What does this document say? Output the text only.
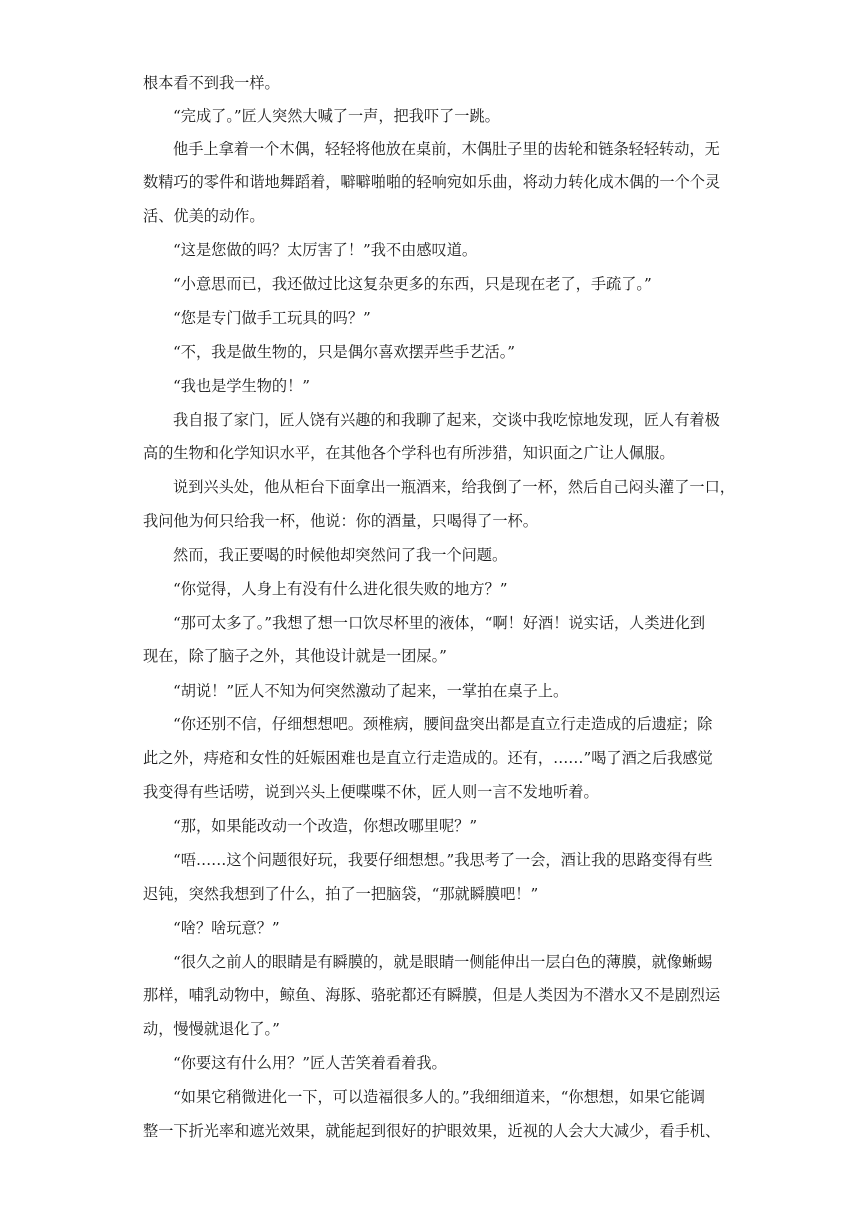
根本看不到我一样。
“完成了。”匠人突然大喊了一声，把我吓了一跳。
他手上拿着一个木偶，轻轻将他放在桌前，木偶肚子里的齿轮和链条轻轻转动，无
数精巧的零件和谐地舞蹈着，噼噼啪啪的轻响宛如乐曲，将动力转化成木偶的一个个灵
活、优美的动作。
“这是您做的吗？太厉害了！”我不由感叹道。
“小意思而已，我还做过比这复杂更多的东西，只是现在老了，手疏了。”
“您是专门做手工玩具的吗？”
“不，我是做生物的，只是偶尔喜欢摆弄些手艺活。”
“我也是学生物的！”
我自报了家门，匠人饶有兴趣的和我聊了起来，交谈中我吃惊地发现，匠人有着极
高的生物和化学知识水平，在其他各个学科也有所涉猎，知识面之广让人佩服。
说到兴头处，他从柜台下面拿出一瓶酒来，给我倒了一杯，然后自己闷头灌了一口，
我问他为何只给我一杯，他说：你的酒量，只喝得了一杯。
然而，我正要喝的时候他却突然问了我一个问题。
“你觉得，人身上有没有什么进化很失败的地方？”
“那可太多了。”我想了想一口饮尽杯里的液体，“啊！好酒！说实话，人类进化到
现在，除了脑子之外，其他设计就是一团屎。”
“胡说！”匠人不知为何突然激动了起来，一掌拍在桌子上。
“你还别不信，仔细想想吧。颈椎病，腰间盘突出都是直立行走造成的后遗症；除
此之外，痔疮和女性的妊娠困难也是直立行走造成的。还有，……”喝了酒之后我感觉
我变得有些话唠，说到兴头上便喋喋不休，匠人则一言不发地听着。
“那，如果能改动一个改造，你想改哪里呢？”
“唔……这个问题很好玩，我要仔细想想。”我思考了一会，酒让我的思路变得有些
迟钝，突然我想到了什么，拍了一把脑袋，“那就瞬膜吧！”
“啥？啥玩意？”
“很久之前人的眼睛是有瞬膜的，就是眼睛一侧能伸出一层白色的薄膜，就像蜥蜴
那样，哺乳动物中，鲸鱼、海豚、骆驼都还有瞬膜，但是人类因为不潜水又不是剧烈运
动，慢慢就退化了。”
“你要这有什么用？”匠人苦笑着看着我。
“如果它稍微进化一下，可以造福很多人的。”我细细道来，“你想想，如果它能调
整一下折光率和遮光效果，就能起到很好的护眼效果，近视的人会大大减少，看手机、
